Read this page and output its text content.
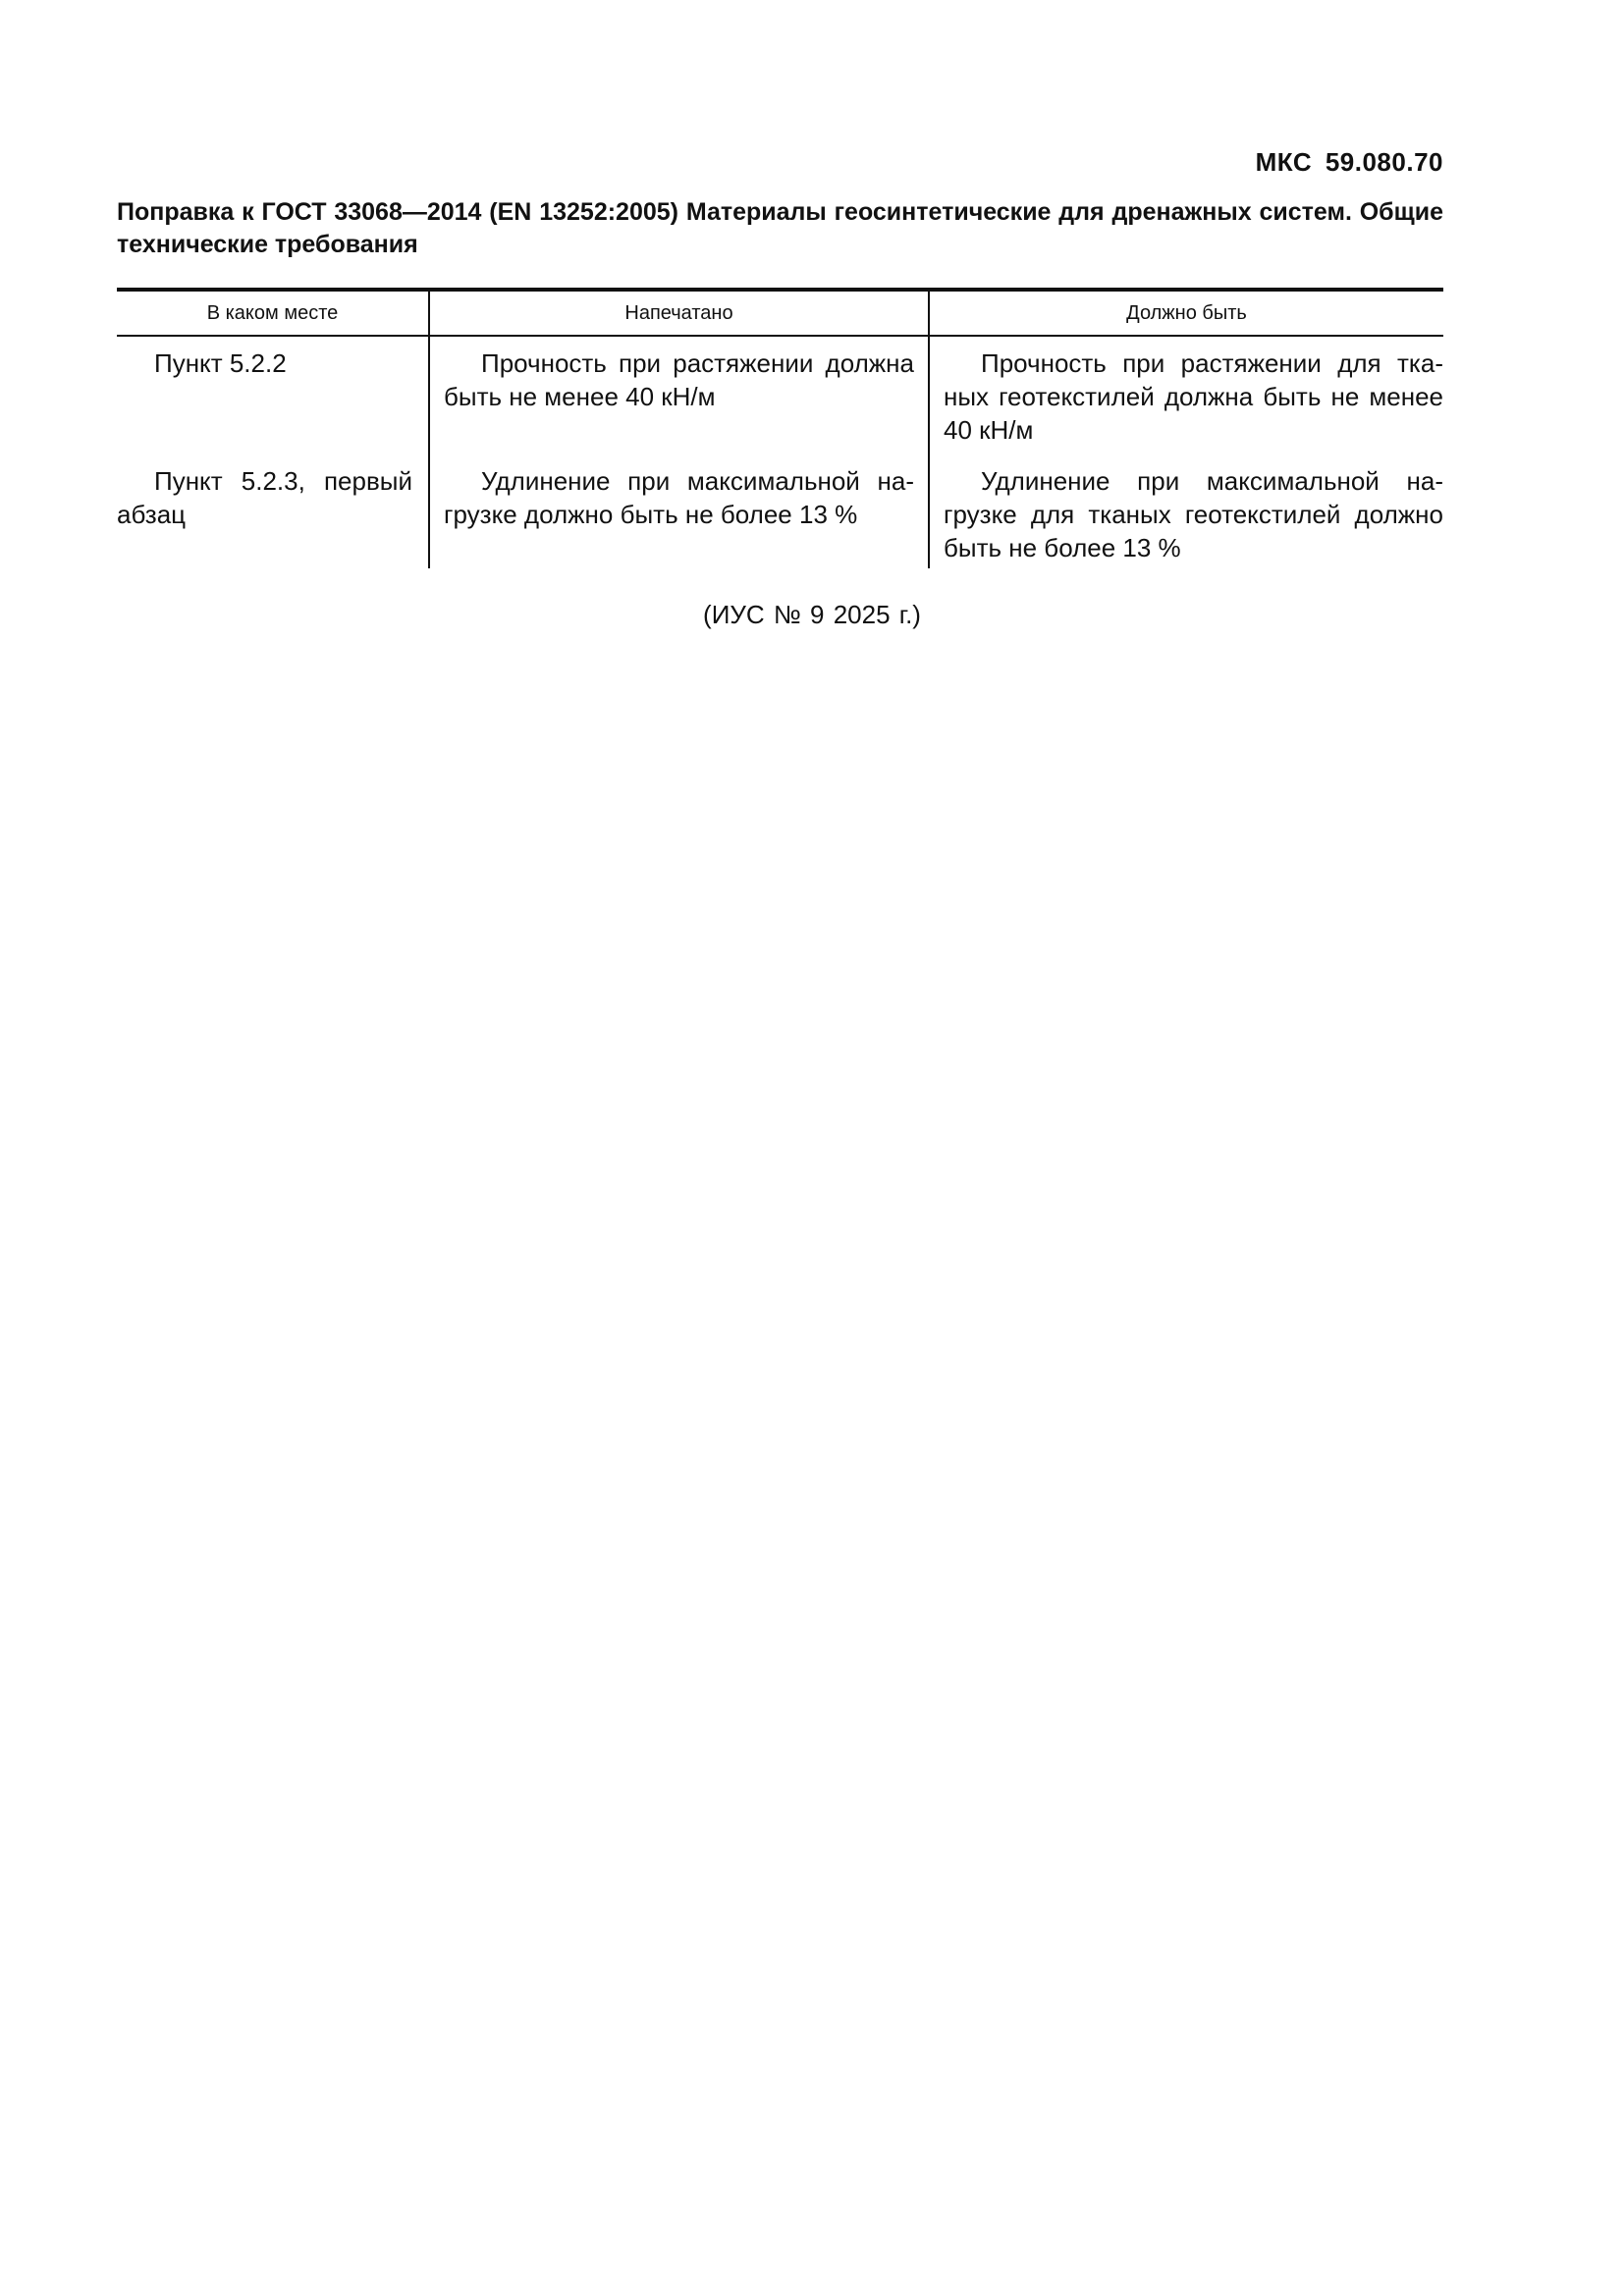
МКС 59.080.70
Поправка к ГОСТ 33068—2014 (EN 13252:2005) Материалы геосинтетические для дренажных систем. Общие технические требования
В каком месте	Напечатано	Должно быть

Пункт 5.2.2	Прочность при растяжении должна быть не менее 40 кН/м	Прочность при растяжении для тканых геотекстилей должна быть не менее 40 кН/м

Пункт 5.2.3, первый абзац	Удлинение при максимальной нагрузке должно быть не более 13 %	Удлинение при максимальной нагрузке для тканых геотекстилей должно быть не более 13 %
(ИУС № 9 2025 г.)
